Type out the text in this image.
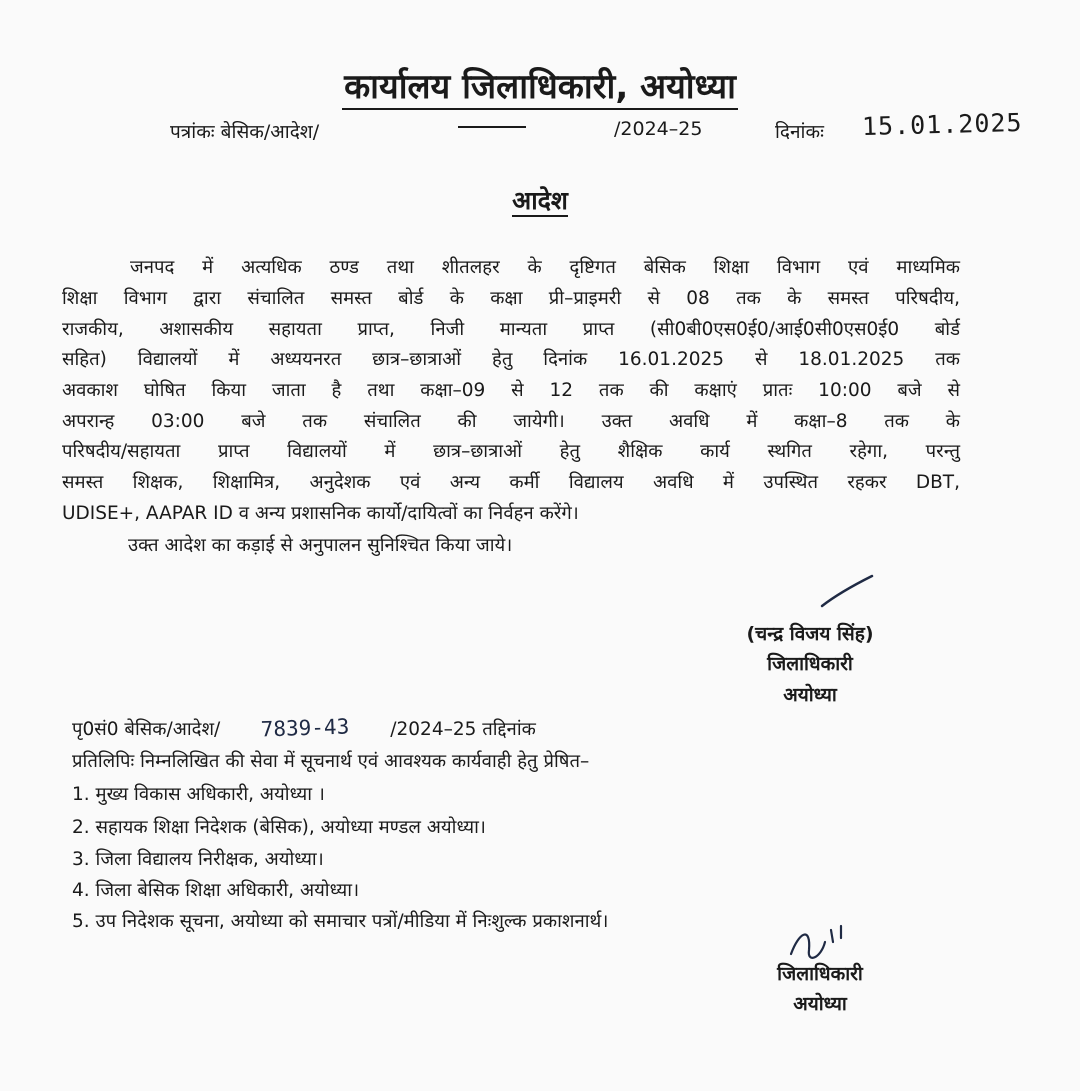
कार्यालय जिलाधिकारी, अयोध्या
पत्रांकः बेसिक/आदेश/	/2024–25	दिनांकः 15.01.2025
आदेश
जनपद में अत्यधिक ठण्ड तथा शीतलहर के दृष्टिगत बेसिक शिक्षा विभाग एवं माध्यमिक
शिक्षा विभाग द्वारा संचालित समस्त बोर्ड के कक्षा प्री–प्राइमरी से 08 तक के समस्त परिषदीय,
राजकीय, अशासकीय सहायता प्राप्त, निजी मान्यता प्राप्त (सी0बी0एस0ई0/आई0सी0एस0ई0 बोर्ड
सहित) विद्यालयों में अध्ययनरत छात्र–छात्राओं हेतु दिनांक 16.01.2025 से 18.01.2025 तक
अवकाश घोषित किया जाता है तथा कक्षा–09 से 12 तक की कक्षाएं प्रातः 10:00 बजे से
अपरान्ह 03:00 बजे तक संचालित की जायेगी। उक्त अवधि में कक्षा–8 तक के
परिषदीय/सहायता प्राप्त विद्यालयों में छात्र–छात्राओं हेतु शैक्षिक कार्य स्थगित रहेगा, परन्तु
समस्त शिक्षक, शिक्षामित्र, अनुदेशक एवं अन्य कर्मी विद्यालय अवधि में उपस्थित रहकर DBT,
UDISE+, AAPAR ID व अन्य प्रशासनिक कार्यो/दायित्वों का निर्वहन करेंगे।
उक्त आदेश का कड़ाई से अनुपालन सुनिश्चित किया जाये।
(चन्द्र विजय सिंह)
जिलाधिकारी
अयोध्या
पृ0सं0 बेसिक/आदेश/ 7839-43 /2024–25 तद्दिनांक
प्रतिलिपिः निम्नलिखित की सेवा में सूचनार्थ एवं आवश्यक कार्यवाही हेतु प्रेषित–
1. मुख्य विकास अधिकारी, अयोध्या ।
2. सहायक शिक्षा निदेशक (बेसिक), अयोध्या मण्डल अयोध्या।
3. जिला विद्यालय निरीक्षक, अयोध्या।
4. जिला बेसिक शिक्षा अधिकारी, अयोध्या।
5. उप निदेशक सूचना, अयोध्या को समाचार पत्रों/मीडिया में निःशुल्क प्रकाशनार्थ।
जिलाधिकारी
अयोध्या
